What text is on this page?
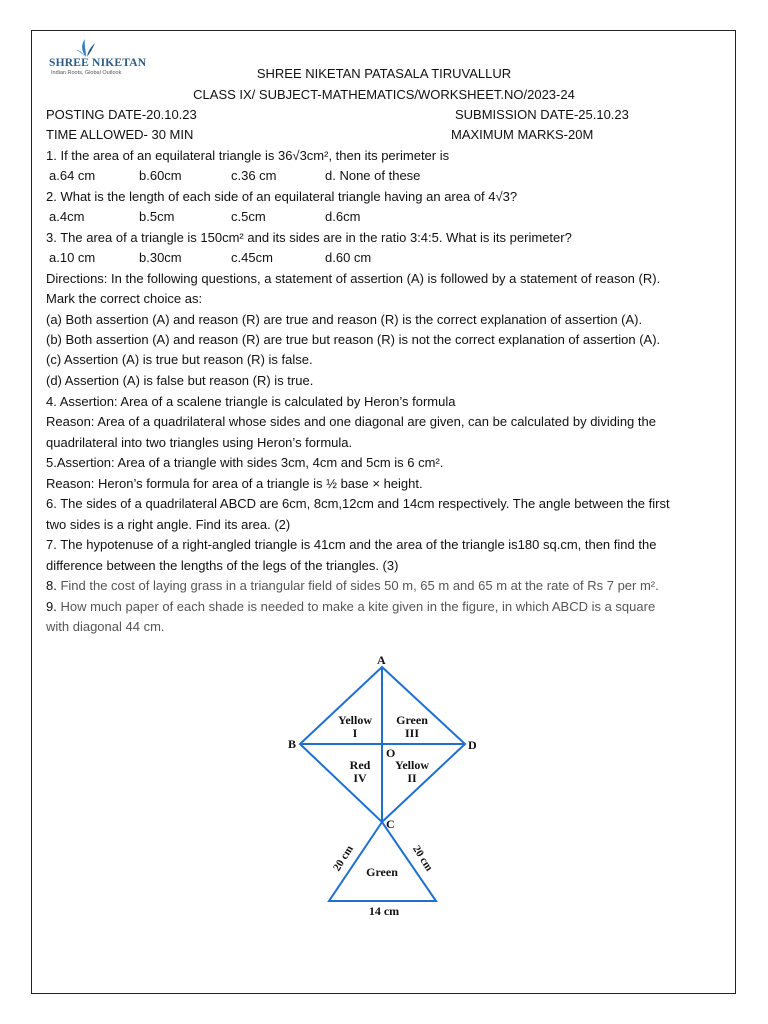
SHREE NIKETAN
Indian Roots, Global Outlook	SHREE NIKETAN PATASALA TIRUVALLUR
CLASS IX/ SUBJECT-MATHEMATICS/WORKSHEET.NO/2023-24
POSTING DATE-20.10.23	SUBMISSION DATE-25.10.23
TIME ALLOWED- 30 MIN	MAXIMUM MARKS-20M
1. If the area of an equilateral triangle is 36√3cm², then its perimeter is
a.64 cm	b.60cm	c.36 cm	d. None of these
2. What is the length of each side of an equilateral triangle having an area of 4√3?
a.4cm	b.5cm	c.5cm	d.6cm
3. The area of a triangle is 150cm² and its sides are in the ratio 3:4:5. What is its perimeter?
a.10 cm	b.30cm	c.45cm	d.60 cm
Directions: In the following questions, a statement of assertion (A) is followed by a statement of reason (R).
Mark the correct choice as:
(a) Both assertion (A) and reason (R) are true and reason (R) is the correct explanation of assertion (A).
(b) Both assertion (A) and reason (R) are true but reason (R) is not the correct explanation of assertion (A).
(c) Assertion (A) is true but reason (R) is false.
(d) Assertion (A) is false but reason (R) is true.
4. Assertion: Area of a scalene triangle is calculated by Heron’s formula
Reason: Area of a quadrilateral whose sides and one diagonal are given, can be calculated by dividing the
quadrilateral into two triangles using Heron’s formula.
5.Assertion: Area of a triangle with sides 3cm, 4cm and 5cm is 6 cm².
Reason: Heron’s formula for area of a triangle is ½ base × height.
6. The sides of a quadrilateral ABCD are 6cm, 8cm,12cm and 14cm respectively. The angle between the first
two sides is a right angle. Find its area. (2)
7. The hypotenuse of a right-angled triangle is 41cm and the area of the triangle is180 sq.cm, then find the
difference between the lengths of the legs of the triangles. (3)
8. Find the cost of laying grass in a triangular field of sides 50 m, 65 m and 65 m at the rate of Rs 7 per m².
9. How much paper of each shade is needed to make a kite given in the figure, in which ABCD is a square
with diagonal 44 cm.
A
B	D
O
C
Yellow
I
Green
III
Red
IV
Yellow
II
Green
20 cm	20 cm
14 cm
